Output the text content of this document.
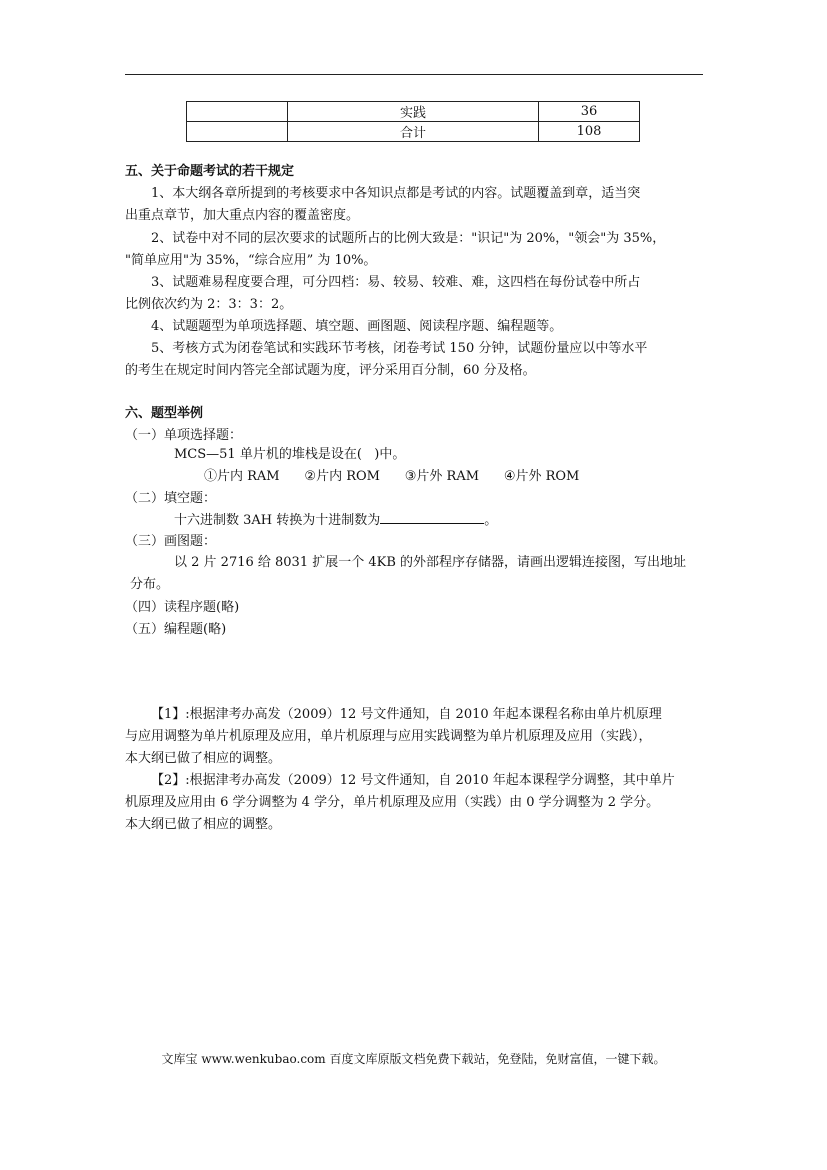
	实践	36
	合计	108
五、关于命题考试的若干规定
1、本大纲各章所提到的考核要求中各知识点都是考试的内容。试题覆盖到章，适当突
出重点章节，加大重点内容的覆盖密度。
2、试卷中对不同的层次要求的试题所占的比例大致是："识记"为 20%，"领会"为 35%，
"简单应用"为 35%，“综合应用” 为 10%。
3、试题难易程度要合理，可分四档：易、较易、较难、难，这四档在每份试卷中所占
比例依次约为 2：3：3：2。
4、试题题型为单项选择题、填空题、画图题、阅读程序题、编程题等。
5、考核方式为闭卷笔试和实践环节考核，闭卷考试 150 分钟，试题份量应以中等水平
的考生在规定时间内答完全部试题为度，评分采用百分制，60 分及格。
六、题型举例
（一）单项选择题：
MCS—51 单片机的堆栈是设在(   )中。
①片内 RAM      ②片内 ROM      ③片外 RAM      ④片外 ROM
（二）填空题：
十六进制数 3AH 转换为十进制数为	。
（三）画图题：
以 2 片 2716 给 8031 扩展一个 4KB 的外部程序存储器，请画出逻辑连接图，写出地址
分布。
（四）读程序题(略)
（五）编程题(略)
【1】:根据津考办高发（2009）12 号文件通知，自 2010 年起本课程名称由单片机原理
与应用调整为单片机原理及应用，单片机原理与应用实践调整为单片机原理及应用（实践），
本大纲已做了相应的调整。
【2】:根据津考办高发（2009）12 号文件通知，自 2010 年起本课程学分调整，其中单片
机原理及应用由 6 学分调整为 4 学分，单片机原理及应用（实践）由 0 学分调整为 2 学分。
本大纲已做了相应的调整。
文库宝 www.wenkubao.com 百度文库原版文档免费下载站，免登陆，免财富值，一键下载。
